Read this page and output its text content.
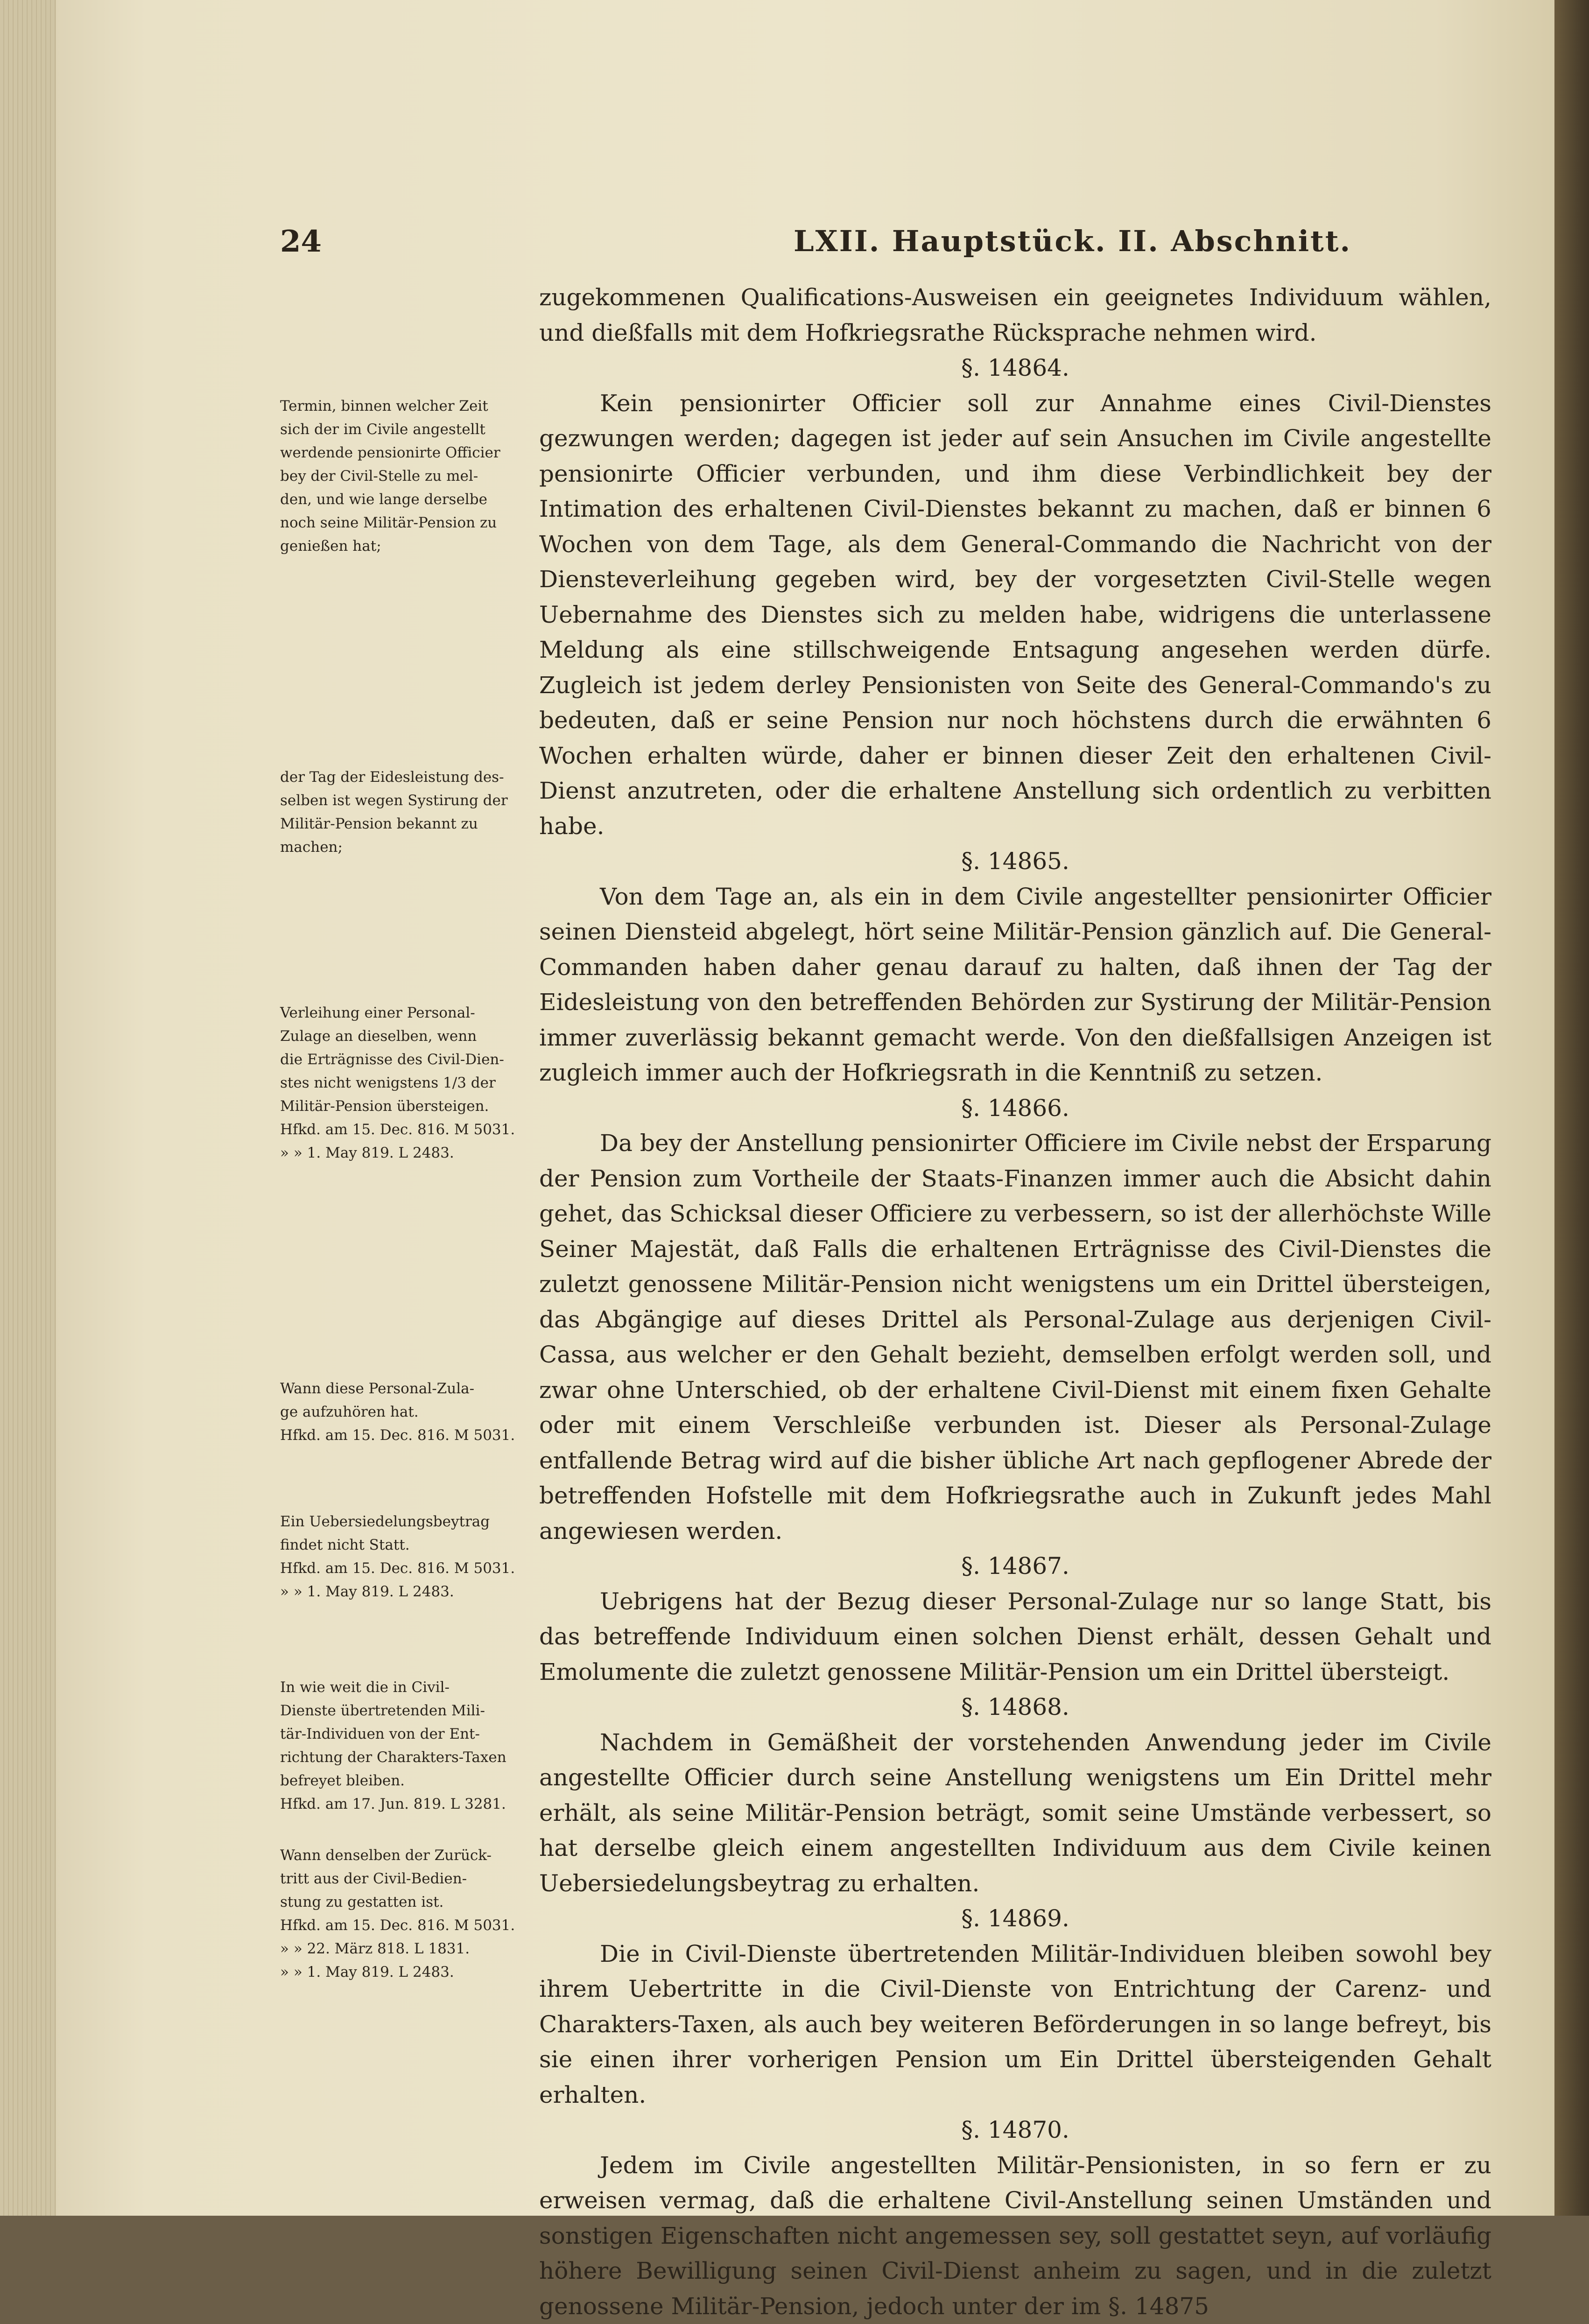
24	LXII. Hauptstück. II. Abschnitt.

zugekommenen Qualifications-Ausweisen ein geeignetes Individuum wählen, und dießfalls mit dem Hofkriegsrathe Rücksprache nehmen wird.

§. 14864.

Kein pensionirter Officier soll zur Annahme eines Civil-Dienstes gezwungen werden; dagegen ist jeder auf sein Ansuchen im Civile angestellte pensionirte Officier verbunden, und ihm diese Verbindlichkeit bey der Intimation des erhaltenen Civil-Dienstes bekannt zu machen, daß er binnen 6 Wochen von dem Tage, als dem General-Commando die Nachricht von der Diensteverleihung gegeben wird, bey der vorgesetzten Civil-Stelle wegen Uebernahme des Dienstes sich zu melden habe, widrigens die unterlassene Meldung als eine stillschweigende Entsagung angesehen werden dürfe. Zugleich ist jedem derley Pensionisten von Seite des General-Commando's zu bedeuten, daß er seine Pension nur noch höchstens durch die erwähnten 6 Wochen erhalten würde, daher er binnen dieser Zeit den erhaltenen Civil-Dienst anzutreten, oder die erhaltene Anstellung sich ordentlich zu verbitten habe.

§. 14865.

Von dem Tage an, als ein in dem Civile angestellter pensionirter Officier seinen Diensteid abgelegt, hört seine Militär-Pension gänzlich auf. Die General-Commanden haben daher genau darauf zu halten, daß ihnen der Tag der Eidesleistung von den betreffenden Behörden zur Systirung der Militär-Pension immer zuverlässig bekannt gemacht werde. Von den dießfallsigen Anzeigen ist zugleich immer auch der Hofkriegsrath in die Kenntniß zu setzen.

§. 14866.

Da bey der Anstellung pensionirter Officiere im Civile nebst der Ersparung der Pension zum Vortheile der Staats-Finanzen immer auch die Absicht dahin gehet, das Schicksal dieser Officiere zu verbessern, so ist der allerhöchste Wille Seiner Majestät, daß Falls die erhaltenen Erträgnisse des Civil-Dienstes die zuletzt genossene Militär-Pension nicht wenigstens um ein Drittel übersteigen, das Abgängige auf dieses Drittel als Personal-Zulage aus derjenigen Civil-Cassa, aus welcher er den Gehalt bezieht, demselben erfolgt werden soll, und zwar ohne Unterschied, ob der erhaltene Civil-Dienst mit einem fixen Gehalte oder mit einem Verschleiße verbunden ist. Dieser als Personal-Zulage entfallende Betrag wird auf die bisher übliche Art nach gepflogener Abrede der betreffenden Hofstelle mit dem Hofkriegsrathe auch in Zukunft jedes Mahl angewiesen werden.

§. 14867.

Uebrigens hat der Bezug dieser Personal-Zulage nur so lange Statt, bis das betreffende Individuum einen solchen Dienst erhält, dessen Gehalt und Emolumente die zuletzt genossene Militär-Pension um ein Drittel übersteigt.

§. 14868.

Nachdem in Gemäßheit der vorstehenden Anwendung jeder im Civile angestellte Officier durch seine Anstellung wenigstens um Ein Drittel mehr erhält, als seine Militär-Pension beträgt, somit seine Umstände verbessert, so hat derselbe gleich einem angestellten Individuum aus dem Civile keinen Uebersiedelungsbeytrag zu erhalten.

§. 14869.

Die in Civil-Dienste übertretenden Militär-Individuen bleiben sowohl bey ihrem Uebertritte in die Civil-Dienste von Entrichtung der Carenz- und Charakters-Taxen, als auch bey weiteren Beförderungen in so lange befreyt, bis sie einen ihrer vorherigen Pension um Ein Drittel übersteigenden Gehalt erhalten.

§. 14870.

Jedem im Civile angestellten Militär-Pensionisten, in so fern er zu erweisen vermag, daß die erhaltene Civil-Anstellung seinen Umständen und sonstigen Eigenschaften nicht angemessen sey, soll gestattet seyn, auf vorläufig höhere Bewilligung seinen Civil-Dienst anheim zu sagen, und in die zuletzt genossene Militär-Pension, jedoch unter der im §. 14875

Termin, binnen welcher Zeit
sich der im Civile angestellt
werdende pensionirte Officier
bey der Civil-Stelle zu mel-
den, und wie lange derselbe
noch seine Militär-Pension zu
genießen hat;
der Tag der Eidesleistung des-
selben ist wegen Systirung der
Militär-Pension bekannt zu
machen;
Verleihung einer Personal-
Zulage an dieselben, wenn
die Erträgnisse des Civil-Dien-
stes nicht wenigstens 1/3 der
Militär-Pension übersteigen.
Hfkd. am 15. Dec. 816. M 5031.
» » 1. May 819. L 2483.
Wann diese Personal-Zula-
ge aufzuhören hat.
Hfkd. am 15. Dec. 816. M 5031.
Ein Uebersiedelungsbeytrag
findet nicht Statt.
Hfkd. am 15. Dec. 816. M 5031.
» » 1. May 819. L 2483.
In wie weit die in Civil-
Dienste übertretenden Mili-
tär-Individuen von der Ent-
richtung der Charakters-Taxen
befreyet bleiben.
Hfkd. am 17. Jun. 819. L 3281.
Wann denselben der Zurück-
tritt aus der Civil-Bedien-
stung zu gestatten ist.
Hfkd. am 15. Dec. 816. M 5031.
» » 22. März 818. L 1831.
» » 1. May 819. L 2483.
